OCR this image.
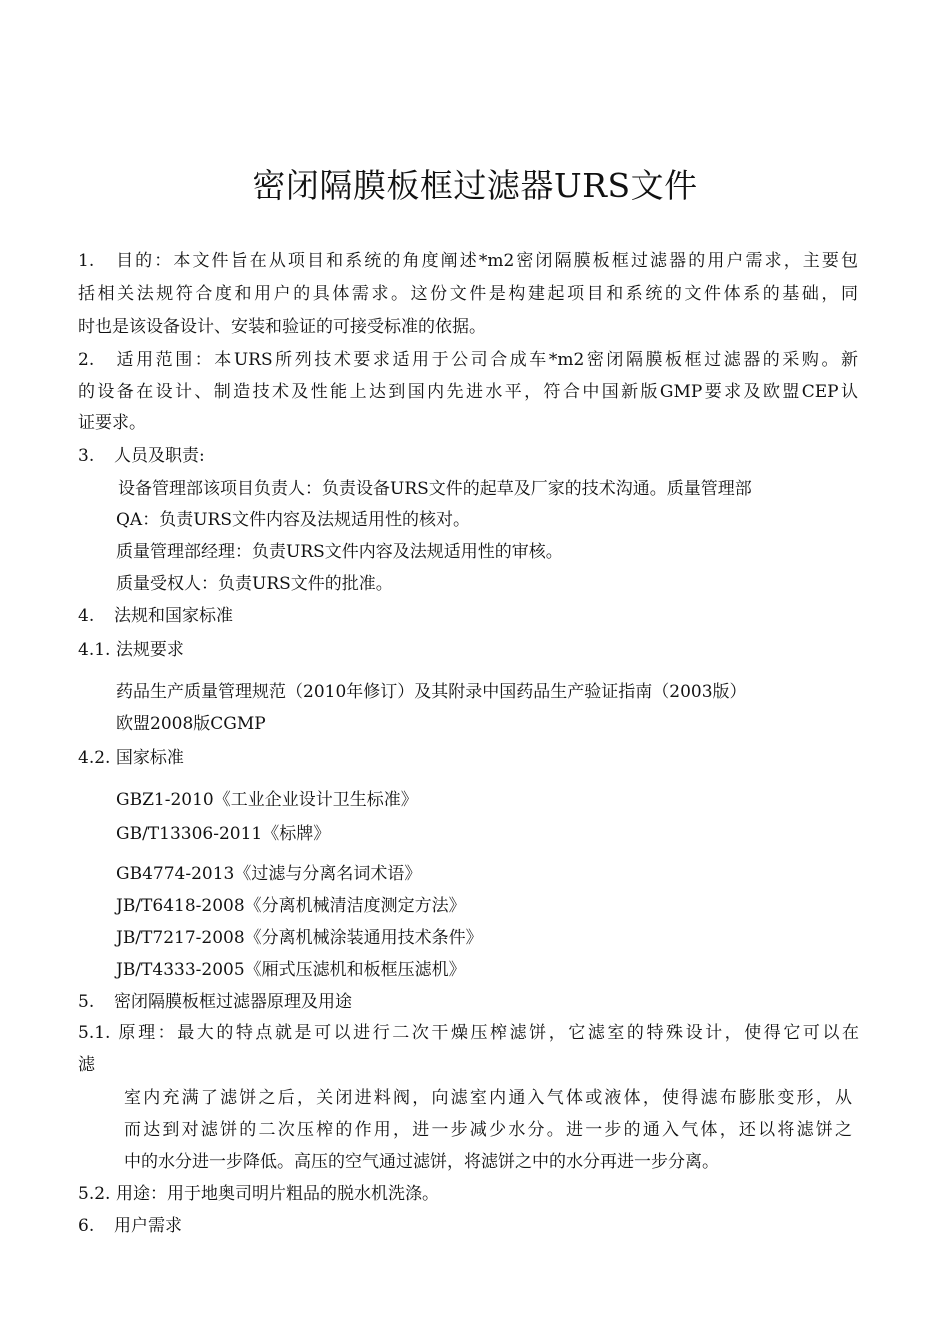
密闭隔膜板框过滤器URS文件
1. 目的：本文件旨在从项目和系统的角度阐述*m2密闭隔膜板框过滤器的用户需求，主要包
括相关法规符合度和用户的具体需求。这份文件是构建起项目和系统的文件体系的基础，同
时也是该设备设计、安装和验证的可接受标准的依据。
2. 适用范围：本URS所列技术要求适用于公司合成车*m2密闭隔膜板框过滤器的采购。新
的设备在设计、制造技术及性能上达到国内先进水平，符合中国新版GMP要求及欧盟CEP认
证要求。
3. 人员及职责:
设备管理部该项目负责人：负责设备URS文件的起草及厂家的技术沟通。质量管理部
QA：负责URS文件内容及法规适用性的核对。
质量管理部经理：负责URS文件内容及法规适用性的审核。
质量受权人：负责URS文件的批准。
4. 法规和国家标准
4.1. 法规要求
药品生产质量管理规范（2010年修订）及其附录中国药品生产验证指南（2003版）
欧盟2008版CGMP
4.2. 国家标准
GBZ1-2010《工业企业设计卫生标准》
GB/T13306-2011《标牌》
GB4774-2013《过滤与分离名词术语》
JB/T6418-2008《分离机械清洁度测定方法》
JB/T7217-2008《分离机械涂装通用技术条件》
JB/T4333-2005《厢式压滤机和板框压滤机》
5. 密闭隔膜板框过滤器原理及用途
5.1. 原理：最大的特点就是可以进行二次干燥压榨滤饼，它滤室的特殊设计，使得它可以在
滤
室内充满了滤饼之后，关闭进料阀，向滤室内通入气体或液体，使得滤布膨胀变形，从
而达到对滤饼的二次压榨的作用，进一步减少水分。进一步的通入气体，还以将滤饼之
中的水分进一步降低。高压的空气通过滤饼，将滤饼之中的水分再进一步分离。
5.2. 用途：用于地奥司明片粗品的脱水机洗涤。
6. 用户需求
